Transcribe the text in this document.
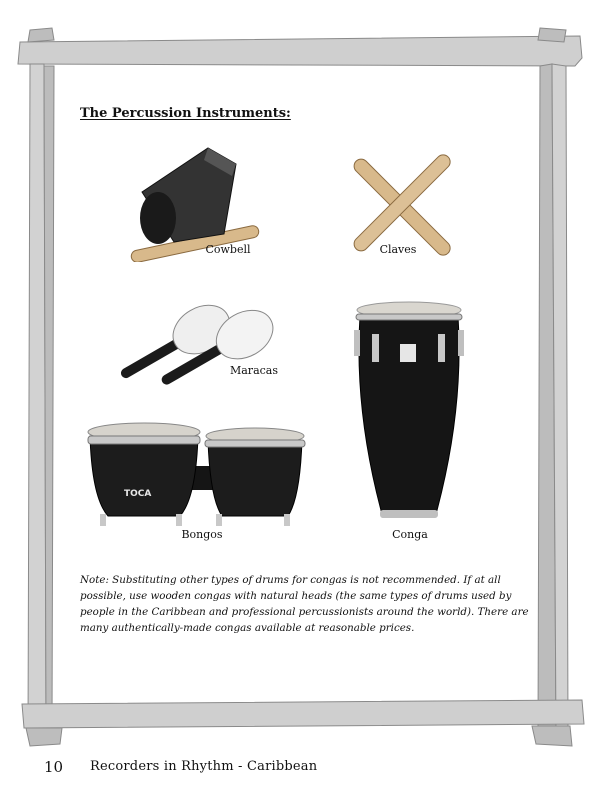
The Percussion Instruments:
Cowbell	Claves
Maracas
Conga
TOCA
Bongos
Note: Substituting other types of drums for congas is not recommended. If at all possible, use wooden congas with natural heads (the same types of drums used by people in the Caribbean and professional percussionists around the world). There are many authentically-made congas available at reasonable prices.
10 Recorders in Rhythm - Caribbean
